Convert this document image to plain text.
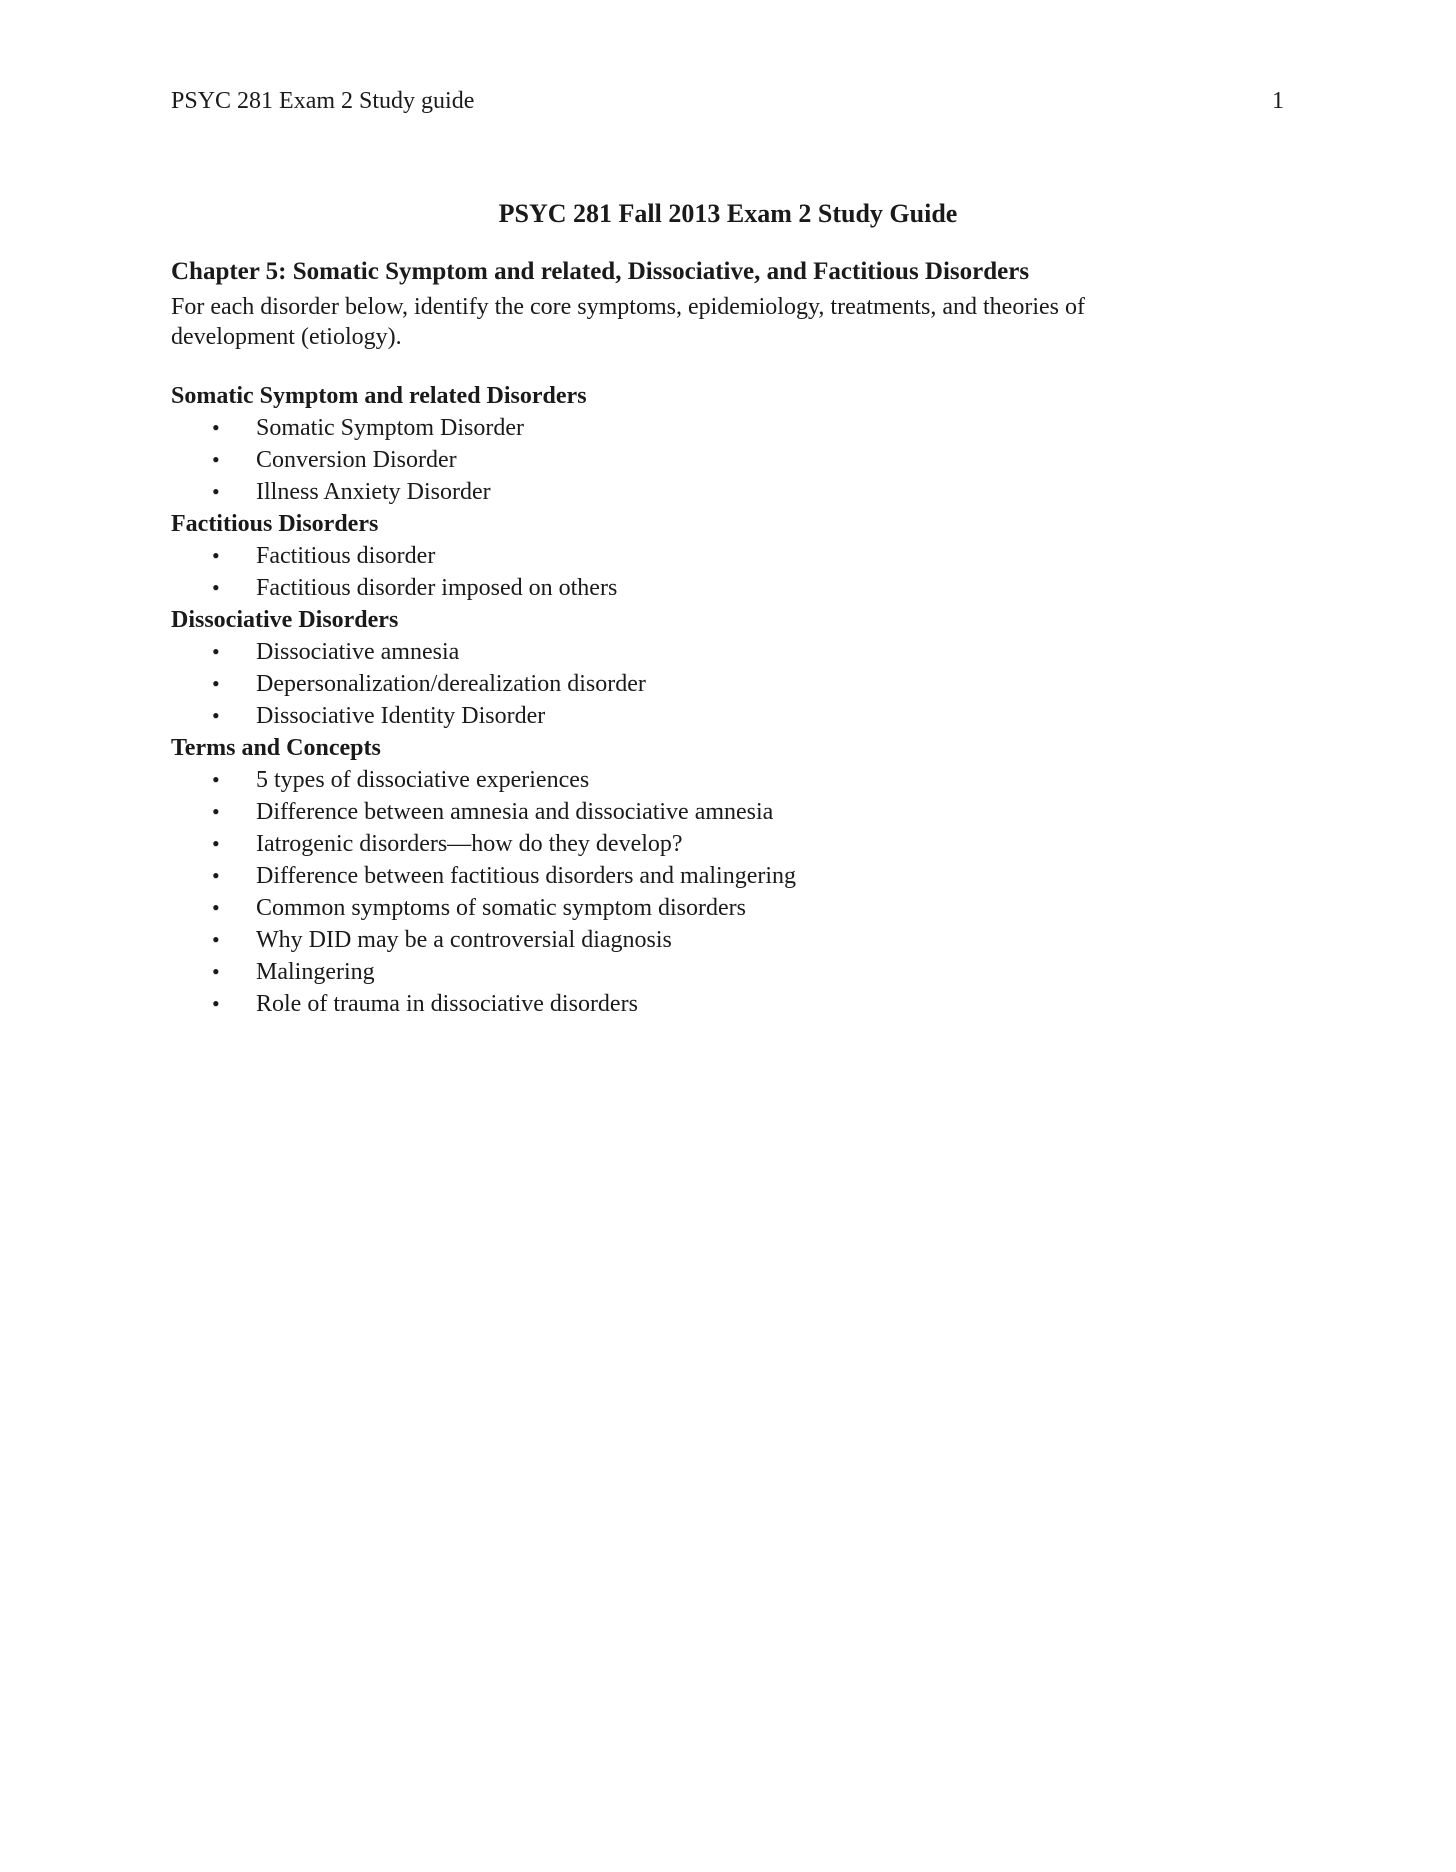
PSYC 281 Exam 2 Study guide	1
PSYC 281 Fall 2013 Exam 2 Study Guide
Chapter 5: Somatic Symptom and related, Dissociative, and Factitious Disorders

For each disorder below, identify the core symptoms, epidemiology, treatments, and theories of development (etiology).

Somatic Symptom and related Disorders
• Somatic Symptom Disorder
• Conversion Disorder
• Illness Anxiety Disorder
Factitious Disorders
• Factitious disorder
• Factitious disorder imposed on others
Dissociative Disorders
• Dissociative amnesia
• Depersonalization/derealization disorder
• Dissociative Identity Disorder
Terms and Concepts
• 5 types of dissociative experiences
• Difference between amnesia and dissociative amnesia
• Iatrogenic disorders—how do they develop?
• Difference between factitious disorders and malingering
• Common symptoms of somatic symptom disorders
• Why DID may be a controversial diagnosis
• Malingering
• Role of trauma in dissociative disorders
